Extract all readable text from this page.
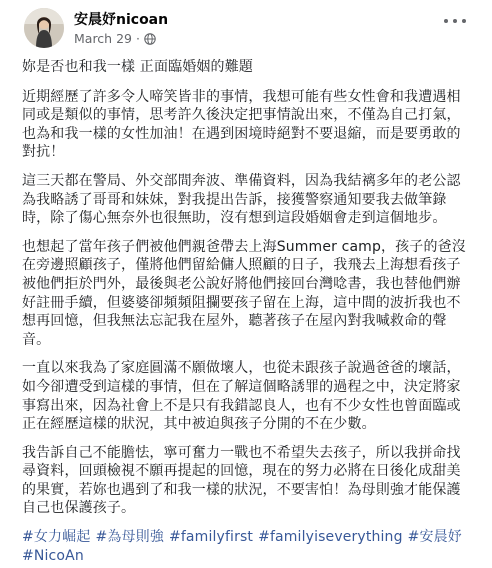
安晨妤nicoan
March 29 ·

妳是否也和我一樣 正面臨婚姻的難題

近期經歷了許多令人啼笑皆非的事情，我想可能有些女性會和我遭遇相同或是類似的事情，思考許久後決定把事情說出來，不僅為自己打氣，也為和我一樣的女性加油！在遇到困境時絕對不要退縮，而是要勇敢的對抗！

這三天都在警局、外交部間奔波、準備資料，因為我結褵多年的老公認為我略誘了哥哥和妹妹，對我提出告訴，接獲警察通知要我去做筆錄時，除了傷心無奈外也很無助，沒有想到這段婚姻會走到這個地步。

也想起了當年孩子們被他們親爸帶去上海Summer camp，孩子的爸沒在旁邊照顧孩子，僅將他們留給傭人照顧的日子，我飛去上海想看孩子被他們拒於門外，最後與老公說好將他們接回台灣唸書，我也替他們辦好註冊手續，但婆婆卻頻頻阻攔要孩子留在上海，這中間的波折我也不想再回憶，但我無法忘記我在屋外，聽著孩子在屋內對我喊救命的聲音。

一直以來我為了家庭圓滿不願做壞人，也從未跟孩子說過爸爸的壞話，如今卻遭受到這樣的事情，但在了解這個略誘罪的過程之中，決定將家事寫出來，因為社會上不是只有我錯認良人，也有不少女性也曾面臨或正在經歷這樣的狀況，其中被迫與孩子分開的不在少數。

我告訴自己不能膽怯，寧可奮力一戰也不希望失去孩子，所以我拼命找尋資料，回頭檢視不願再提起的回憶，現在的努力必將在日後化成甜美的果實，若妳也遇到了和我一樣的狀況，不要害怕！為母則強才能保護自己也保護孩子。

#女力崛起 #為母則強 #familyfirst #familyiseverything #安晨妤#NicoAn
